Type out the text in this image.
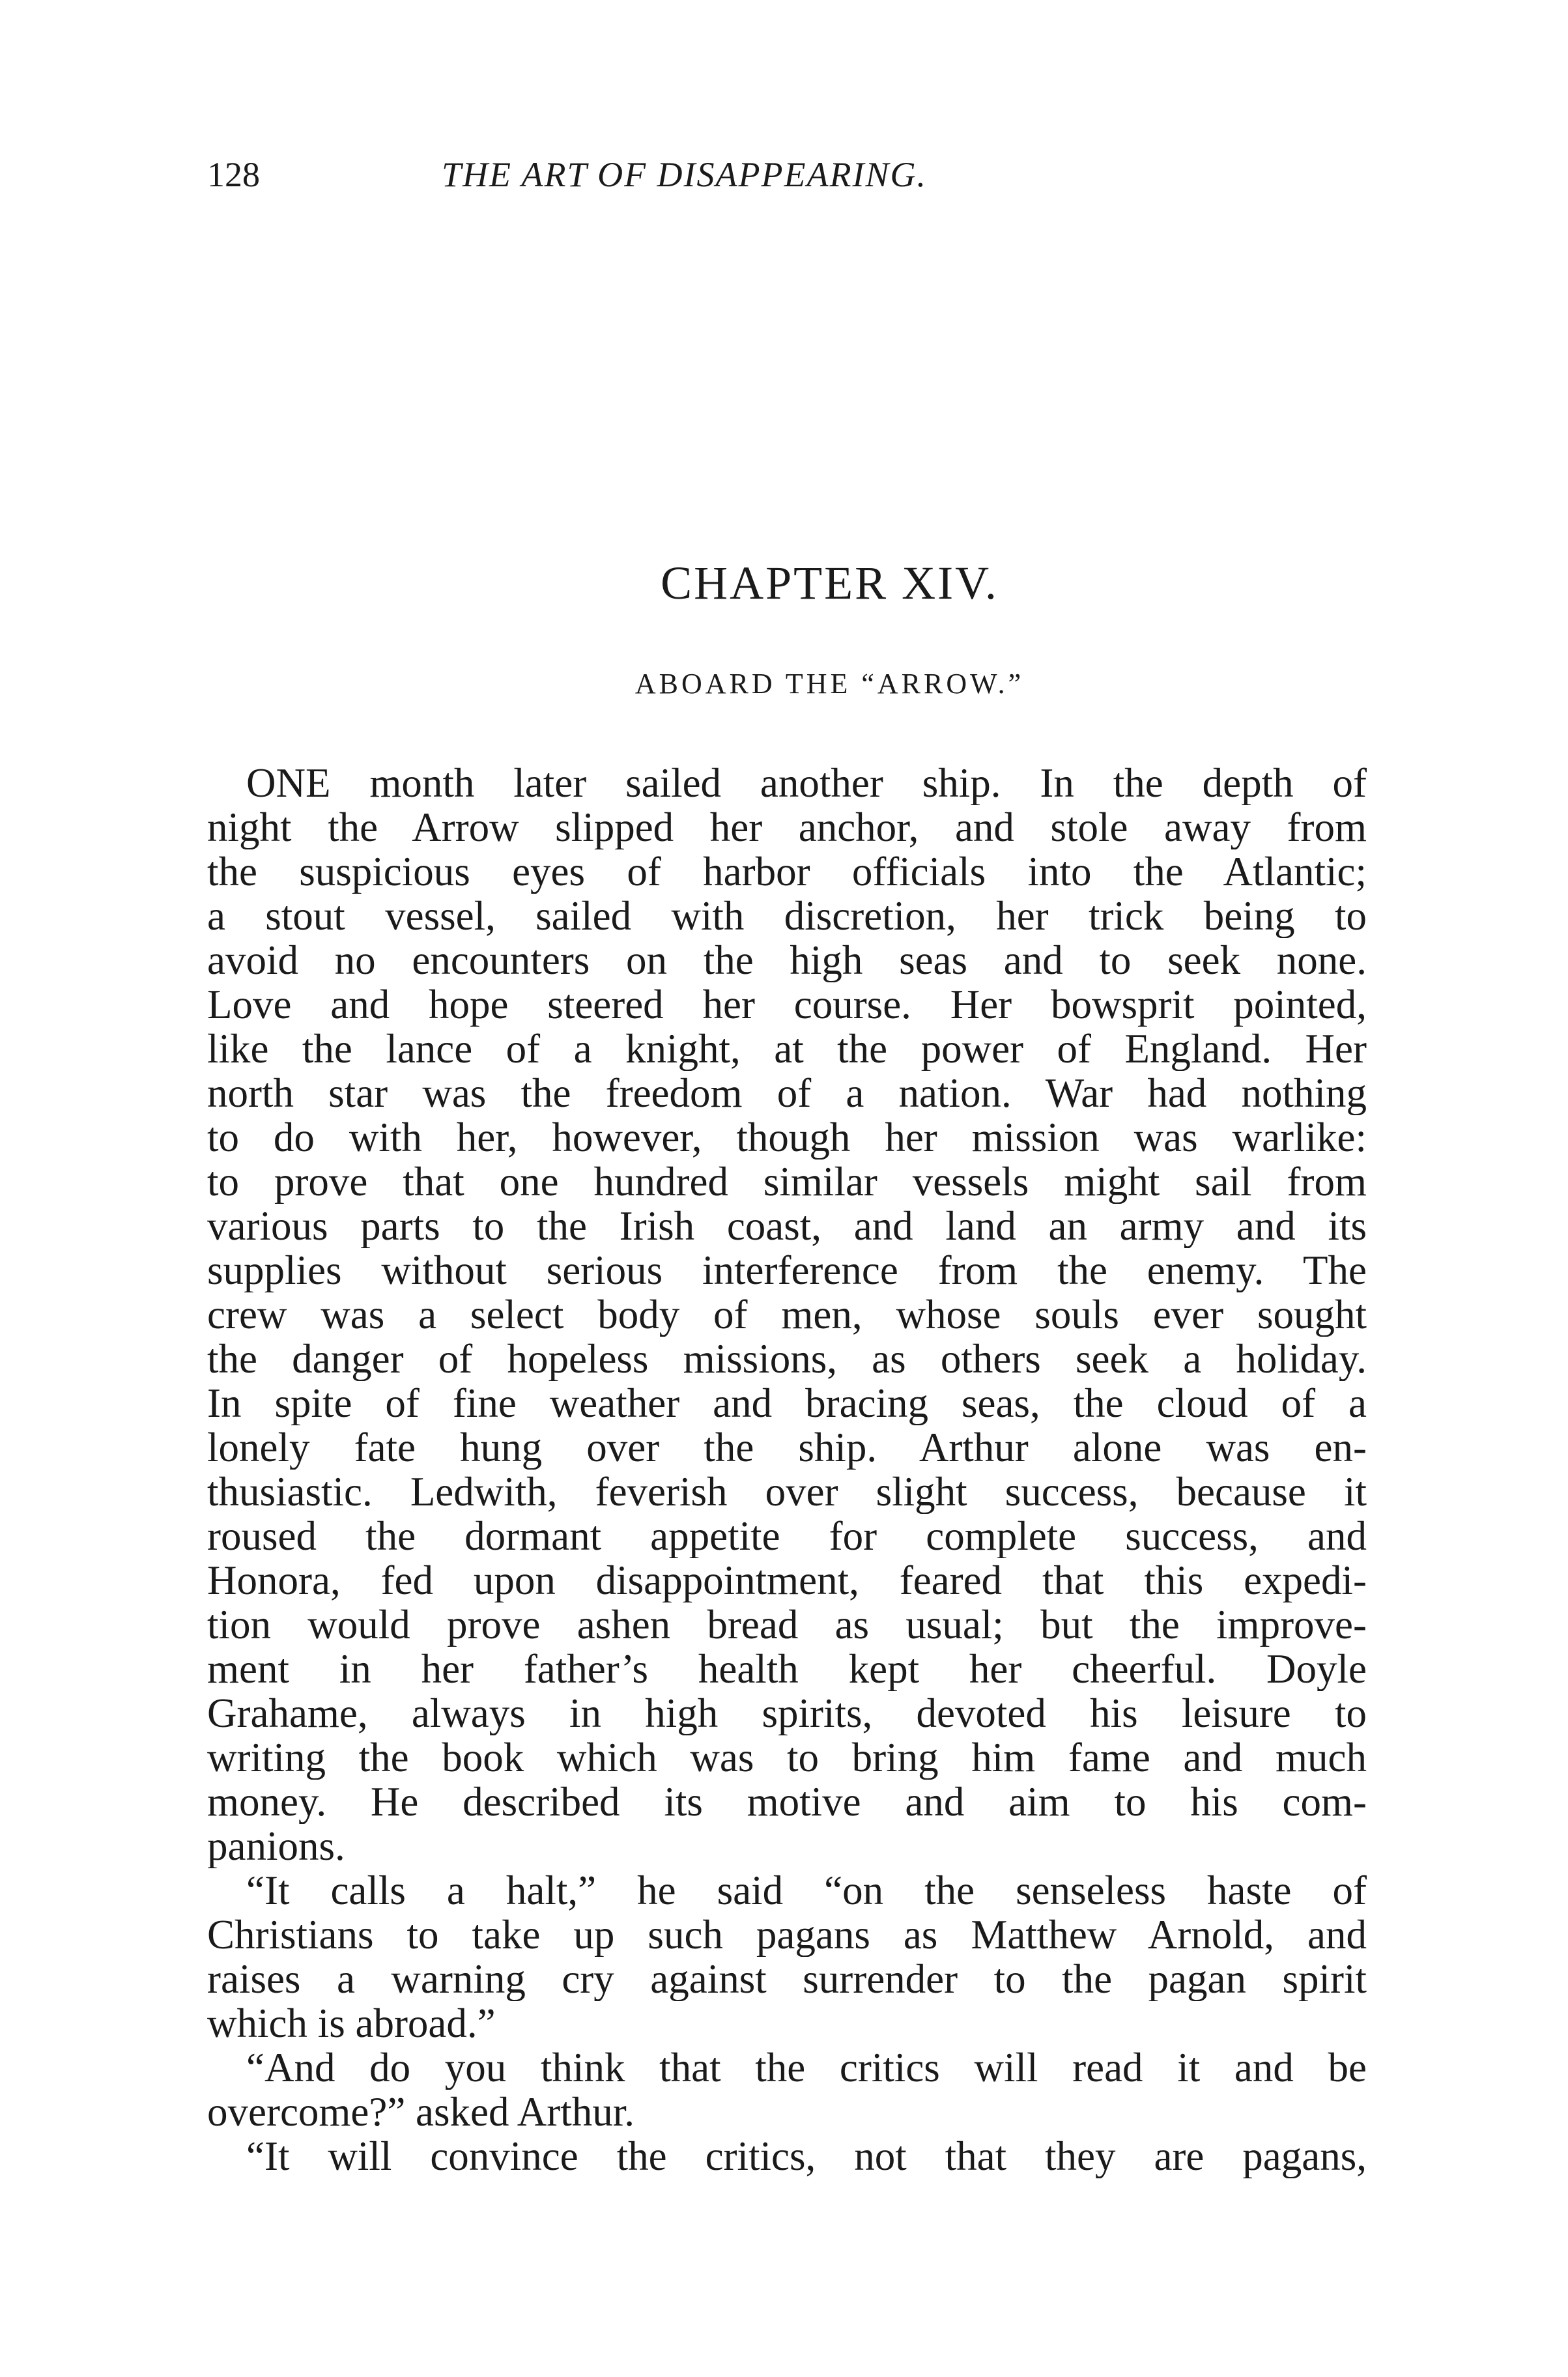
128	THE ART OF DISAPPEARING.
CHAPTER XIV.
ABOARD THE “ARROW.”
ONE month later sailed another ship. In the depth of
night the Arrow slipped her anchor, and stole away from
the suspicious eyes of harbor officials into the Atlantic;
a stout vessel, sailed with discretion, her trick being to
avoid no encounters on the high seas and to seek none.
Love and hope steered her course. Her bowsprit pointed,
like the lance of a knight, at the power of England. Her
north star was the freedom of a nation. War had nothing
to do with her, however, though her mission was warlike:
to prove that one hundred similar vessels might sail from
various parts to the Irish coast, and land an army and its
supplies without serious interference from the enemy. The
crew was a select body of men, whose souls ever sought
the danger of hopeless missions, as others seek a holiday.
In spite of fine weather and bracing seas, the cloud of a
lonely fate hung over the ship. Arthur alone was en-
thusiastic. Ledwith, feverish over slight success, because it
roused the dormant appetite for complete success, and
Honora, fed upon disappointment, feared that this expedi-
tion would prove ashen bread as usual; but the improve-
ment in her father’s health kept her cheerful. Doyle
Grahame, always in high spirits, devoted his leisure to
writing the book which was to bring him fame and much
money. He described its motive and aim to his com-
panions.
“It calls a halt,” he said “on the senseless haste of
Christians to take up such pagans as Matthew Arnold, and
raises a warning cry against surrender to the pagan spirit
which is abroad.”
“And do you think that the critics will read it and be
overcome?” asked Arthur.
“It will convince the critics, not that they are pagans,
